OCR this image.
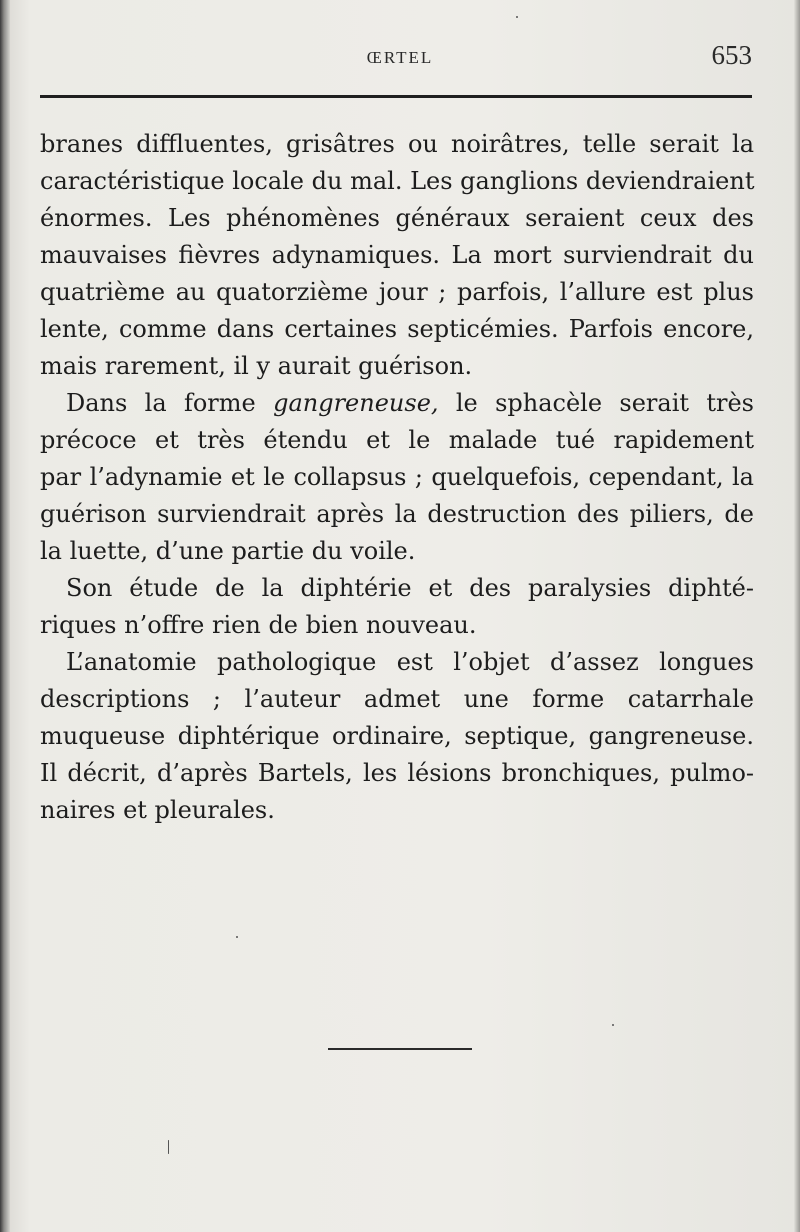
ŒRTEL	653
branes diffluentes, grisâtres ou noirâtres, telle serait la
caractéristique locale du mal. Les ganglions deviendraient
énormes. Les phénomènes généraux seraient ceux des
mauvaises fièvres adynamiques. La mort surviendrait du
quatrième au quatorzième jour ; parfois, l’allure est plus
lente, comme dans certaines septicémies. Parfois encore,
mais rarement, il y aurait guérison.
Dans la forme gangreneuse, le sphacèle serait très
précoce et très étendu et le malade tué rapidement
par l’adynamie et le collapsus ; quelquefois, cependant, la
guérison surviendrait après la destruction des piliers, de
la luette, d’une partie du voile.
Son étude de la diphtérie et des paralysies diphté-
riques n’offre rien de bien nouveau.
L’anatomie pathologique est l’objet d’assez longues
descriptions ; l’auteur admet une forme catarrhale
muqueuse diphtérique ordinaire, septique, gangreneuse.
Il décrit, d’après Bartels, les lésions bronchiques, pulmo-
naires et pleurales.
